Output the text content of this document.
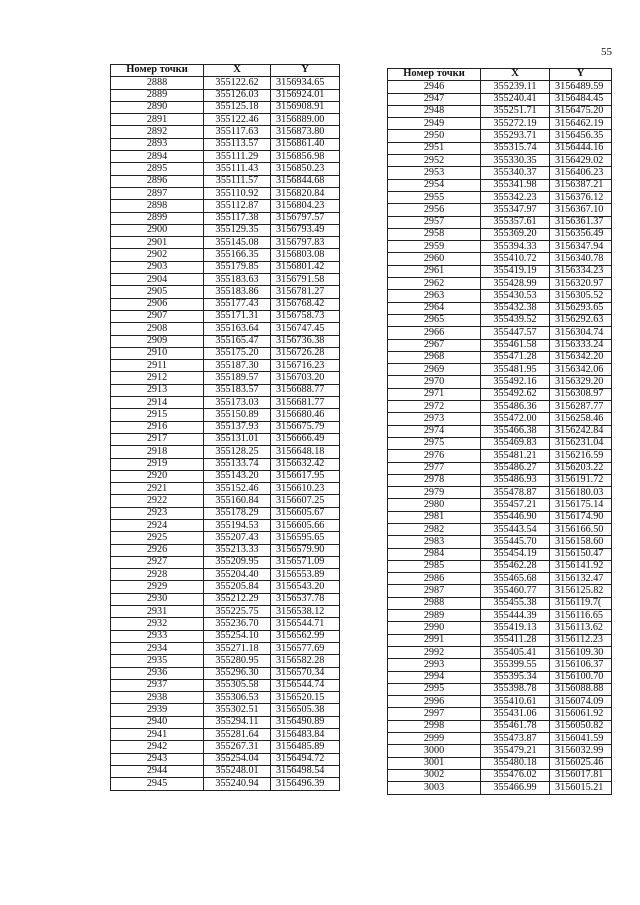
55
Номер точки	X	Y
2888	355122.62	3156934.65
2889	355126.03	3156924.01
2890	355125.18	3156908.91
2891	355122.46	3156889.00
2892	355117.63	3156873.80
2893	355113.57	3156861.40
2894	355111.29	3156856.98
2895	355111.43	3156850.23
2896	355111.57	3156844.68
2897	355110.92	3156820.84
2898	355112.87	3156804.23
2899	355117.38	3156797.57
2900	355129.35	3156793.49
2901	355145.08	3156797.83
2902	355166.35	3156803.08
2903	355179.85	3156801.42
2904	355183.63	3156791.58
2905	355183.86	3156781.27
2906	355177.43	3156768.42
2907	355171.31	3156758.73
2908	355163.64	3156747.45
2909	355165.47	3156736.38
2910	355175.20	3156726.28
2911	355187.30	3156716.23
2912	355189.57	3156703.20
2913	355183.57	3156688.77
2914	355173.03	3156681.77
2915	355150.89	3156680.46
2916	355137.93	3156675.79
2917	355131.01	3156666.49
2918	355128.25	3156648.18
2919	355133.74	3156632.42
2920	355143.20	3156617.95
2921	355152.46	3156610.23
2922	355160.84	3156607.25
2923	355178.29	3156605.67
2924	355194.53	3156605.66
2925	355207.43	3156595.65
2926	355213.33	3156579.90
2927	355209.95	3156571.09
2928	355204.40	3156553.89
2929	355205.84	3156543.20
2930	355212.29	3156537.78
2931	355225.75	3156538.12
2932	355236.70	3156544.71
2933	355254.10	3156562.99
2934	355271.18	3156577.69
2935	355280.95	3156582.28
2936	355296.30	3156570.34
2937	355305.58	3156544.74
2938	355306.53	3156520.15
2939	355302.51	3156505.38
2940	355294.11	3156490.89
2941	355281.64	3156483.84
2942	355267.31	3156485.89
2943	355254.04	3156494.72
2944	355248.01	3156498.54
2945	355240.94	3156496.39
Номер точки	X	Y
2946	355239.11	3156489.59
2947	355240.41	3156484.45
2948	355251.71	3156475.20
2949	355272.19	3156462.19
2950	355293.71	3156456.35
2951	355315.74	3156444.16
2952	355330.35	3156429.02
2953	355340.37	3156406.23
2954	355341.98	3156387.21
2955	355342.23	3156376.12
2956	355347.97	3156367.10
2957	355357.61	3156361.37
2958	355369.20	3156356.49
2959	355394.33	3156347.94
2960	355410.72	3156340.78
2961	355419.19	3156334.23
2962	355428.99	3156320.97
2963	355430.53	3156305.52
2964	355432.38	3156293.65
2965	355439.52	3156292.63
2966	355447.57	3156304.74
2967	355461.58	3156333.24
2968	355471.28	3156342.20
2969	355481.95	3156342.06
2970	355492.16	3156329.20
2971	355492.62	3156308.97
2972	355486.36	3156287.77
2973	355472.00	3156258.46
2974	355466.38	3156242.84
2975	355469.83	3156231.04
2976	355481.21	3156216.59
2977	355486.27	3156203.22
2978	355486.93	3156191.72
2979	355478.87	3156180.03
2980	355457.21	3156175.14
2981	355446.90	3156174.90
2982	355443.54	3156166.50
2983	355445.70	3156158.60
2984	355454.19	3156150.47
2985	355462.28	3156141.92
2986	355465.68	3156132.47
2987	355460.77	3156125.82
2988	355455.38	3156119.7(
2989	355444.39	3156116.65
2990	355419.13	3156113.62
2991	355411.28	3156112.23
2992	355405.41	3156109.30
2993	355399.55	3156106.37
2994	355395.34	3156100.70
2995	355398.78	3156088.88
2996	355410.61	3156074.09
2997	355431.06	3156061.92
2998	355461.78	3156050.82
2999	355473.87	3156041.59
3000	355479.21	3156032.99
3001	355480.18	3156025.46
3002	355476.02	3156017.81
3003	355466.99	3156015.21
